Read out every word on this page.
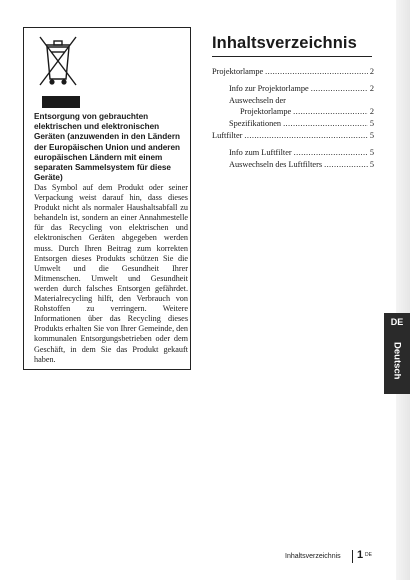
Entsorgung von gebrauchten elektrischen und elektronischen Geräten (anzuwenden in den Ländern der Europäischen Union und anderen europäischen Ländern mit einem separaten Sammelsystem für diese Geräte)
Das Symbol auf dem Produkt oder seiner Verpackung weist darauf hin, dass dieses Produkt nicht als normaler Haushaltsabfall zu behandeln ist, sondern an einer Annahmestelle für das Recycling von elektrischen und elektronischen Geräten abgegeben werden muss. Durch Ihren Beitrag zum korrekten Entsorgen dieses Produkts schützen Sie die Umwelt und die Gesundheit Ihrer Mitmenschen. Umwelt und Gesundheit werden durch falsches Entsorgen gefährdet. Materialrecycling hilft, den Verbrauch von Rohstoffen zu verringern. Weitere Informationen über das Recycling dieses Produkts erhalten Sie von Ihrer Gemeinde, den kommunalen Entsorgungsbetrieben oder dem Geschäft, in dem Sie das Produkt gekauft haben.
Inhaltsverzeichnis
Projektorlampe .....	2
Info zur Projektorlampe .....	2
Auswechseln der
Projektorlampe .....	2
Spezifikationen .....	5
Luftfilter .....	5
Info zum Luftfilter .....	5
Auswechseln des Luftfilters .....	5
DE
Deutsch
Inhaltsverzeichnis 1 DE
